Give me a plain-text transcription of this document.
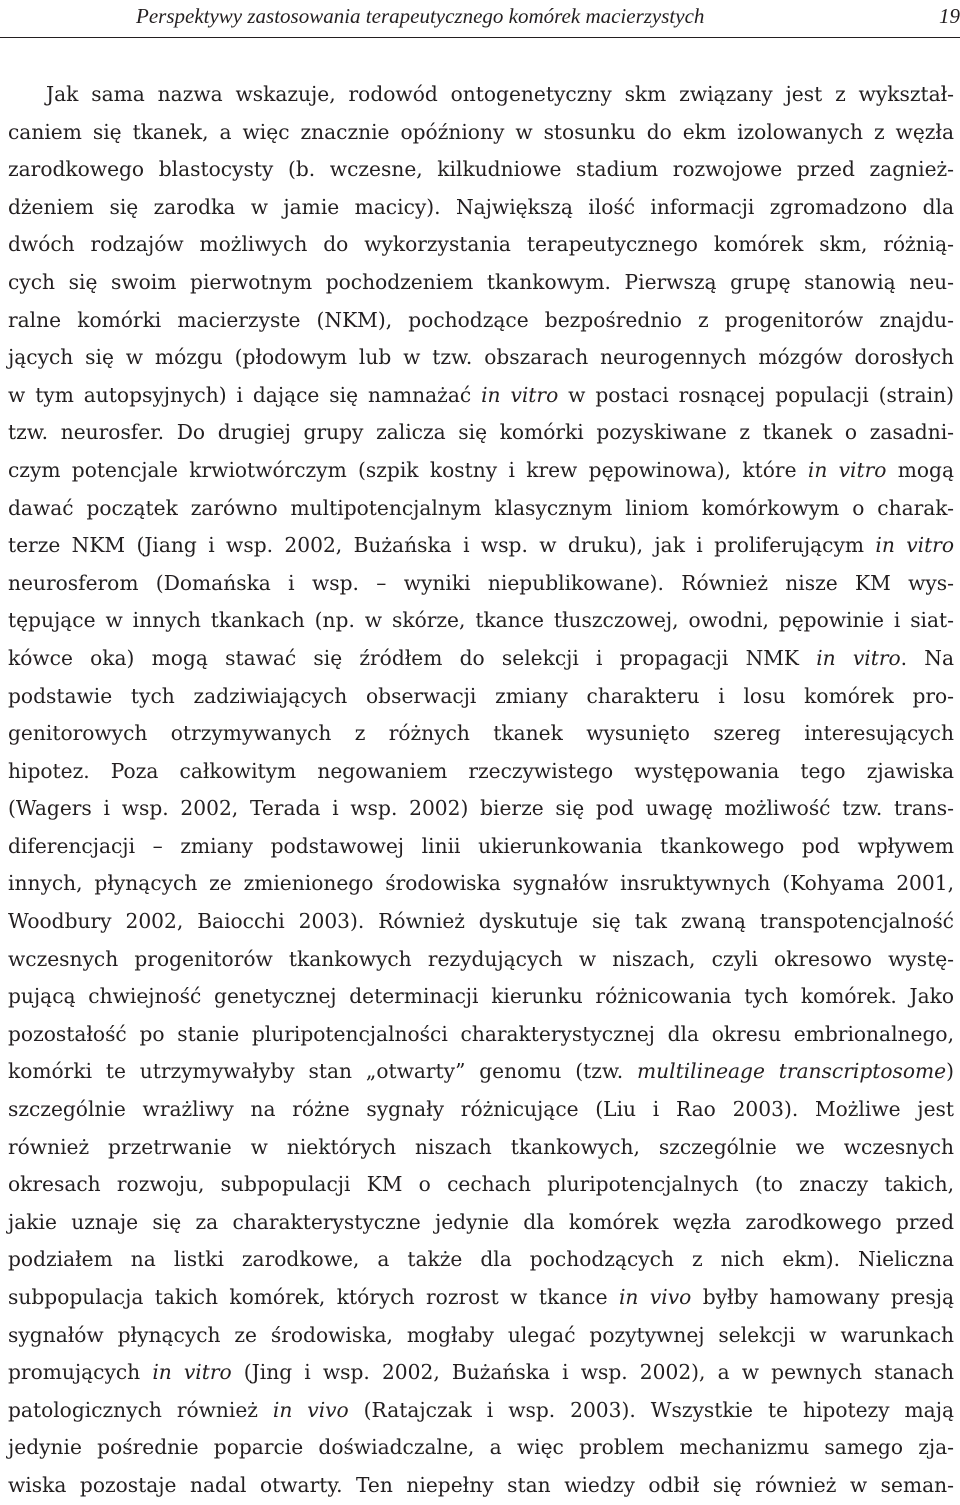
Perspektywy zastosowania terapeutycznego komórek macierzystych	19
Jak sama nazwa wskazuje, rodowód ontogenetyczny skm związany jest z wykształ-
caniem się tkanek, a więc znacznie opóźniony w stosunku do ekm izolowanych z węzła
zarodkowego blastocysty (b. wczesne, kilkudniowe stadium rozwojowe przed zagnież-
dżeniem się zarodka w jamie macicy). Największą ilość informacji zgromadzono dla
dwóch rodzajów możliwych do wykorzystania terapeutycznego komórek skm, różnią-
cych się swoim pierwotnym pochodzeniem tkankowym. Pierwszą grupę stanowią neu-
ralne komórki macierzyste (NKM), pochodzące bezpośrednio z progenitorów znajdu-
jących się w mózgu (płodowym lub w tzw. obszarach neurogennych mózgów dorosłych
w tym autopsyjnych) i dające się namnażać in vitro w postaci rosnącej populacji (strain)
tzw. neurosfer. Do drugiej grupy zalicza się komórki pozyskiwane z tkanek o zasadni-
czym potencjale krwiotwórczym (szpik kostny i krew pępowinowa), które in vitro mogą
dawać początek zarówno multipotencjalnym klasycznym liniom komórkowym o charak-
terze NKM (Jiang i wsp. 2002, Bużańska i wsp. w druku), jak i proliferującym in vitro
neurosferom (Domańska i wsp. – wyniki niepublikowane). Również nisze KM wys-
tępujące w innych tkankach (np. w skórze, tkance tłuszczowej, owodni, pępowinie i siat-
kówce oka) mogą stawać się źródłem do selekcji i propagacji NMK in vitro. Na
podstawie tych zadziwiających obserwacji zmiany charakteru i losu komórek pro-
genitorowych otrzymywanych z różnych tkanek wysunięto szereg interesujących
hipotez. Poza całkowitym negowaniem rzeczywistego występowania tego zjawiska
(Wagers i wsp. 2002, Terada i wsp. 2002) bierze się pod uwagę możliwość tzw. trans-
diferencjacji – zmiany podstawowej linii ukierunkowania tkankowego pod wpływem
innych, płynących ze zmienionego środowiska sygnałów insruktywnych (Kohyama 2001,
Woodbury 2002, Baiocchi 2003). Również dyskutuje się tak zwaną transpotencjalność
wczesnych progenitorów tkankowych rezydujących w niszach, czyli okresowo wystę-
pującą chwiejność genetycznej determinacji kierunku różnicowania tych komórek. Jako
pozostałość po stanie pluripotencjalności charakterystycznej dla okresu embrionalnego,
komórki te utrzymywałyby stan „otwarty” genomu (tzw. multilineage transcriptosome)
szczególnie wrażliwy na różne sygnały różnicujące (Liu i Rao 2003). Możliwe jest
również przetrwanie w niektórych niszach tkankowych, szczególnie we wczesnych
okresach rozwoju, subpopulacji KM o cechach pluripotencjalnych (to znaczy takich,
jakie uznaje się za charakterystyczne jedynie dla komórek węzła zarodkowego przed
podziałem na listki zarodkowe, a także dla pochodzących z nich ekm). Nieliczna
subpopulacja takich komórek, których rozrost w tkance in vivo byłby hamowany presją
sygnałów płynących ze środowiska, mogłaby ulegać pozytywnej selekcji w warunkach
promujących in vitro (Jing i wsp. 2002, Bużańska i wsp. 2002), a w pewnych stanach
patologicznych również in vivo (Ratajczak i wsp. 2003). Wszystkie te hipotezy mają
jedynie pośrednie poparcie doświadczalne, a więc problem mechanizmu samego zja-
wiska pozostaje nadal otwarty. Ten niepełny stan wiedzy odbił się również w seman-
